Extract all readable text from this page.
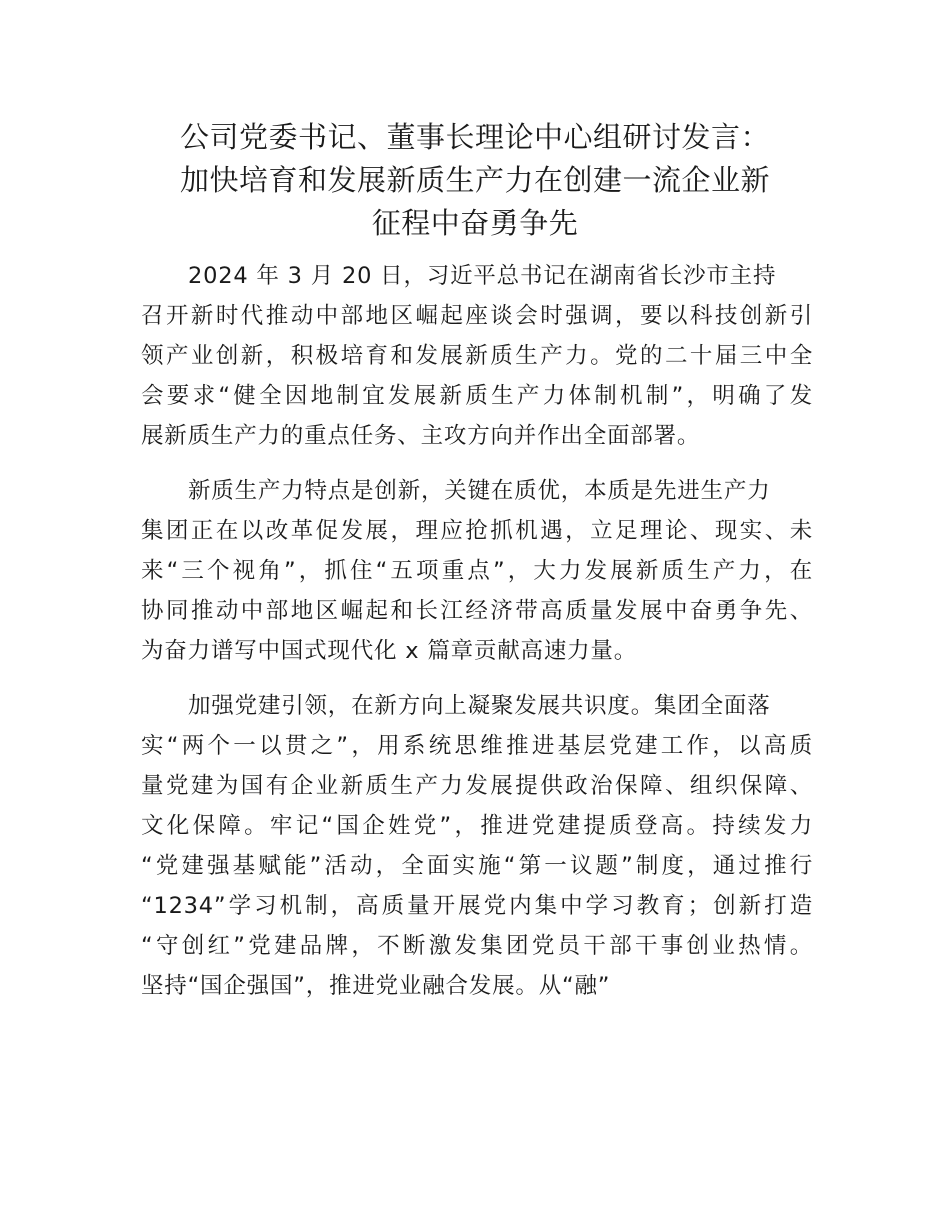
公司党委书记、董事长理论中心组研讨发言：
加快培育和发展新质生产力在创建一流企业新
征程中奋勇争先
2024 年 3 月 20 日，习近平总书记在湖南省长沙市主持
召开新时代推动中部地区崛起座谈会时强调，要以科技创新引
领产业创新，积极培育和发展新质生产力。党的二十届三中全
会要求“健全因地制宜发展新质生产力体制机制”，明确了发
展新质生产力的重点任务、主攻方向并作出全面部署。
新质生产力特点是创新，关键在质优，本质是先进生产力
集团正在以改革促发展，理应抢抓机遇，立足理论、现实、未
来“三个视角”，抓住“五项重点”，大力发展新质生产力，在
协同推动中部地区崛起和长江经济带高质量发展中奋勇争先、
为奋力谱写中国式现代化 x 篇章贡献高速力量。
加强党建引领，在新方向上凝聚发展共识度。集团全面落
实“两个一以贯之”，用系统思维推进基层党建工作，以高质
量党建为国有企业新质生产力发展提供政治保障、组织保障、
文化保障。牢记“国企姓党”，推进党建提质登高。持续发力
“党建强基赋能”活动，全面实施“第一议题”制度，通过推行
“1234”学习机制，高质量开展党内集中学习教育；创新打造
“守创红”党建品牌，不断激发集团党员干部干事创业热情。
坚持“国企强国”，推进党业融合发展。从“融”
